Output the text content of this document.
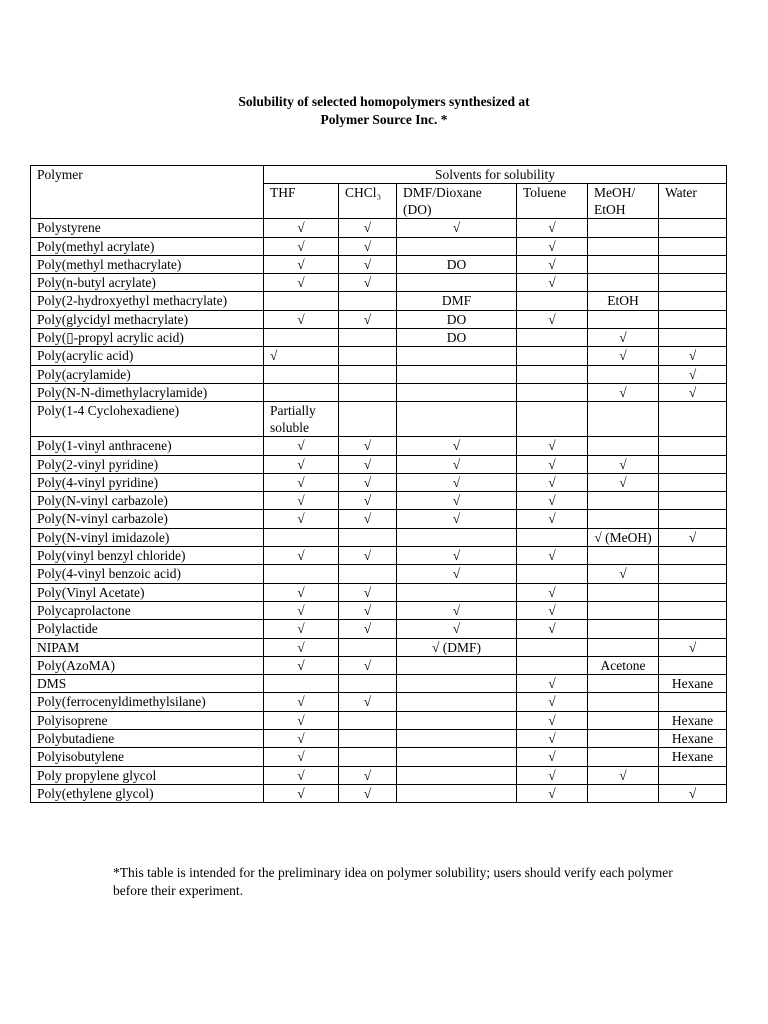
Solubility of selected homopolymers synthesized at
Polymer Source Inc. *
Polymer	Solvents for solubility					
	THF	CHCl₃	DMF/Dioxane (DO)	Toluene	MeOH/ EtOH	Water
Polystyrene	√	√	√	√		
Poly(methyl acrylate)	√	√		√		
Poly(methyl methacrylate)	√	√	DO	√		
Poly(n-butyl acrylate)	√	√		√		
Poly(2-hydroxyethyl methacrylate)			DMF		EtOH	
Poly(glycidyl methacrylate)	√	√	DO	√		
Poly(▯-propyl acrylic acid)			DO		√	
Poly(acrylic acid)	√				√	√
Poly(acrylamide)						√
Poly(N-N-dimethylacrylamide)					√	√
Poly(1-4 Cyclohexadiene)	Partially soluble					
Poly(1-vinyl anthracene)	√	√	√	√		
Poly(2-vinyl pyridine)	√	√	√	√	√	
Poly(4-vinyl pyridine)	√	√	√	√	√	
Poly(N-vinyl carbazole)	√	√	√	√		
Poly(N-vinyl carbazole)	√	√	√	√		
Poly(N-vinyl imidazole)					√ (MeOH)	√
Poly(vinyl benzyl chloride)	√	√	√	√		
Poly(4-vinyl benzoic acid)			√		√	
Poly(Vinyl Acetate)	√	√		√		
Polycaprolactone	√	√	√	√		
Polylactide	√	√	√	√		
NIPAM	√		√ (DMF)			√
Poly(AzoMA)	√	√			Acetone	
DMS				√		Hexane
Poly(ferrocenyldimethylsilane)	√	√		√		
Polyisoprene	√			√		Hexane
Polybutadiene	√			√		Hexane
Polyisobutylene	√			√		Hexane
Poly propylene glycol	√	√		√	√	
Poly(ethylene glycol)	√	√		√		√
*This table is intended for the preliminary idea on polymer solubility; users should verify each polymer before their experiment.
